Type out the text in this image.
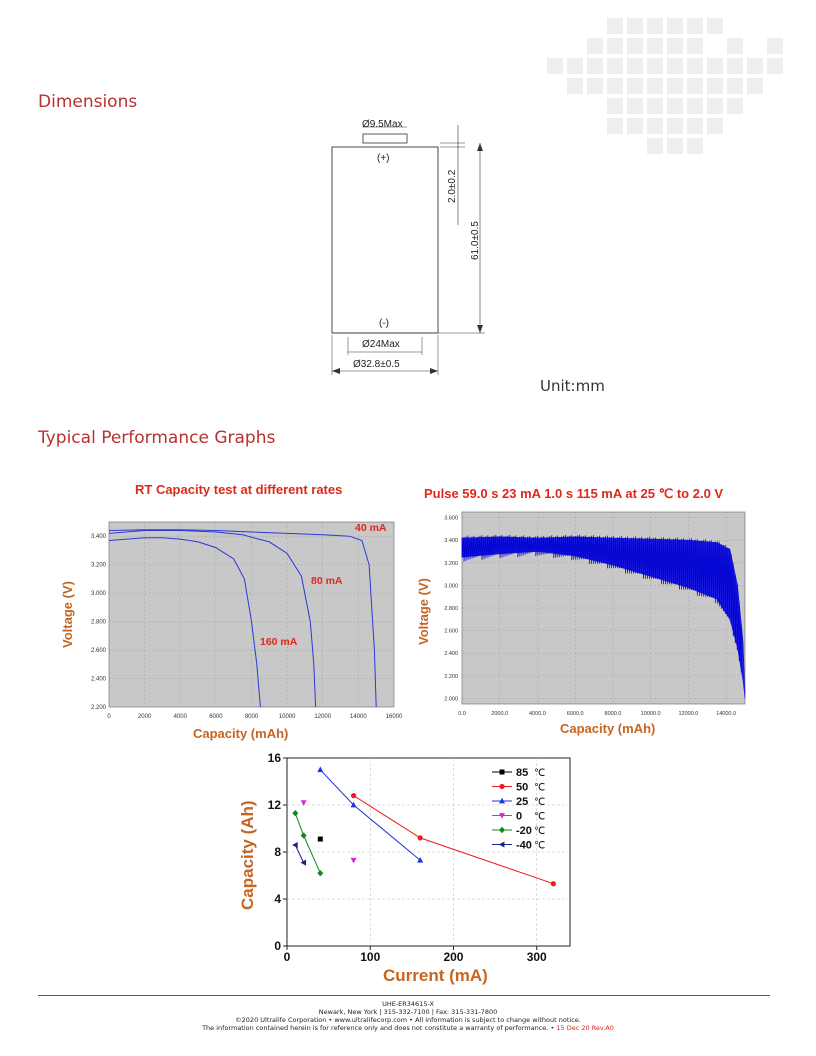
Dimensions
Ø9.5Max
(+)
(-)
2.0±0.2
61.0±0.5
Ø24Max
Ø32.8±0.5
Unit:mm
Typical Performance Graphs
RT Capacity test at different rates
0	2000	4000	6000	8000	10000	12000	14000	16000
2.200
2.400
2.600
2.800
3.000
3.200
3.400
40 mA
80 mA
160 mA
Capacity (mAh)
Voltage (V)
Pulse 59.0 s 23 mA 1.0 s 115 mA at 25 ℃ to 2.0 V
0.0	2000.0	4000.0	6000.0	8000.0	10000.0	12000.0	14000.0
2.000
2.200
2.400
2.600
2.800
3.000
3.200
3.400
3.600
Capacity (mAh)
Voltage (V)
0	100	200	300
0
4
8
12
16
85 ℃
50 ℃
25 ℃
0 ℃
-20 ℃
-40 ℃
Current (mA)
Capacity (Ah)
UHE-ER34615-X
Newark, New York | 315-332-7100 | Fax: 315-331-7800
©2020 Ultralife Corporation • www.ultralifecorp.com • All information is subject to change without notice.
The information contained herein is for reference only and does not constitute a warranty of performance. • 15 Dec 20 Rev.A0
